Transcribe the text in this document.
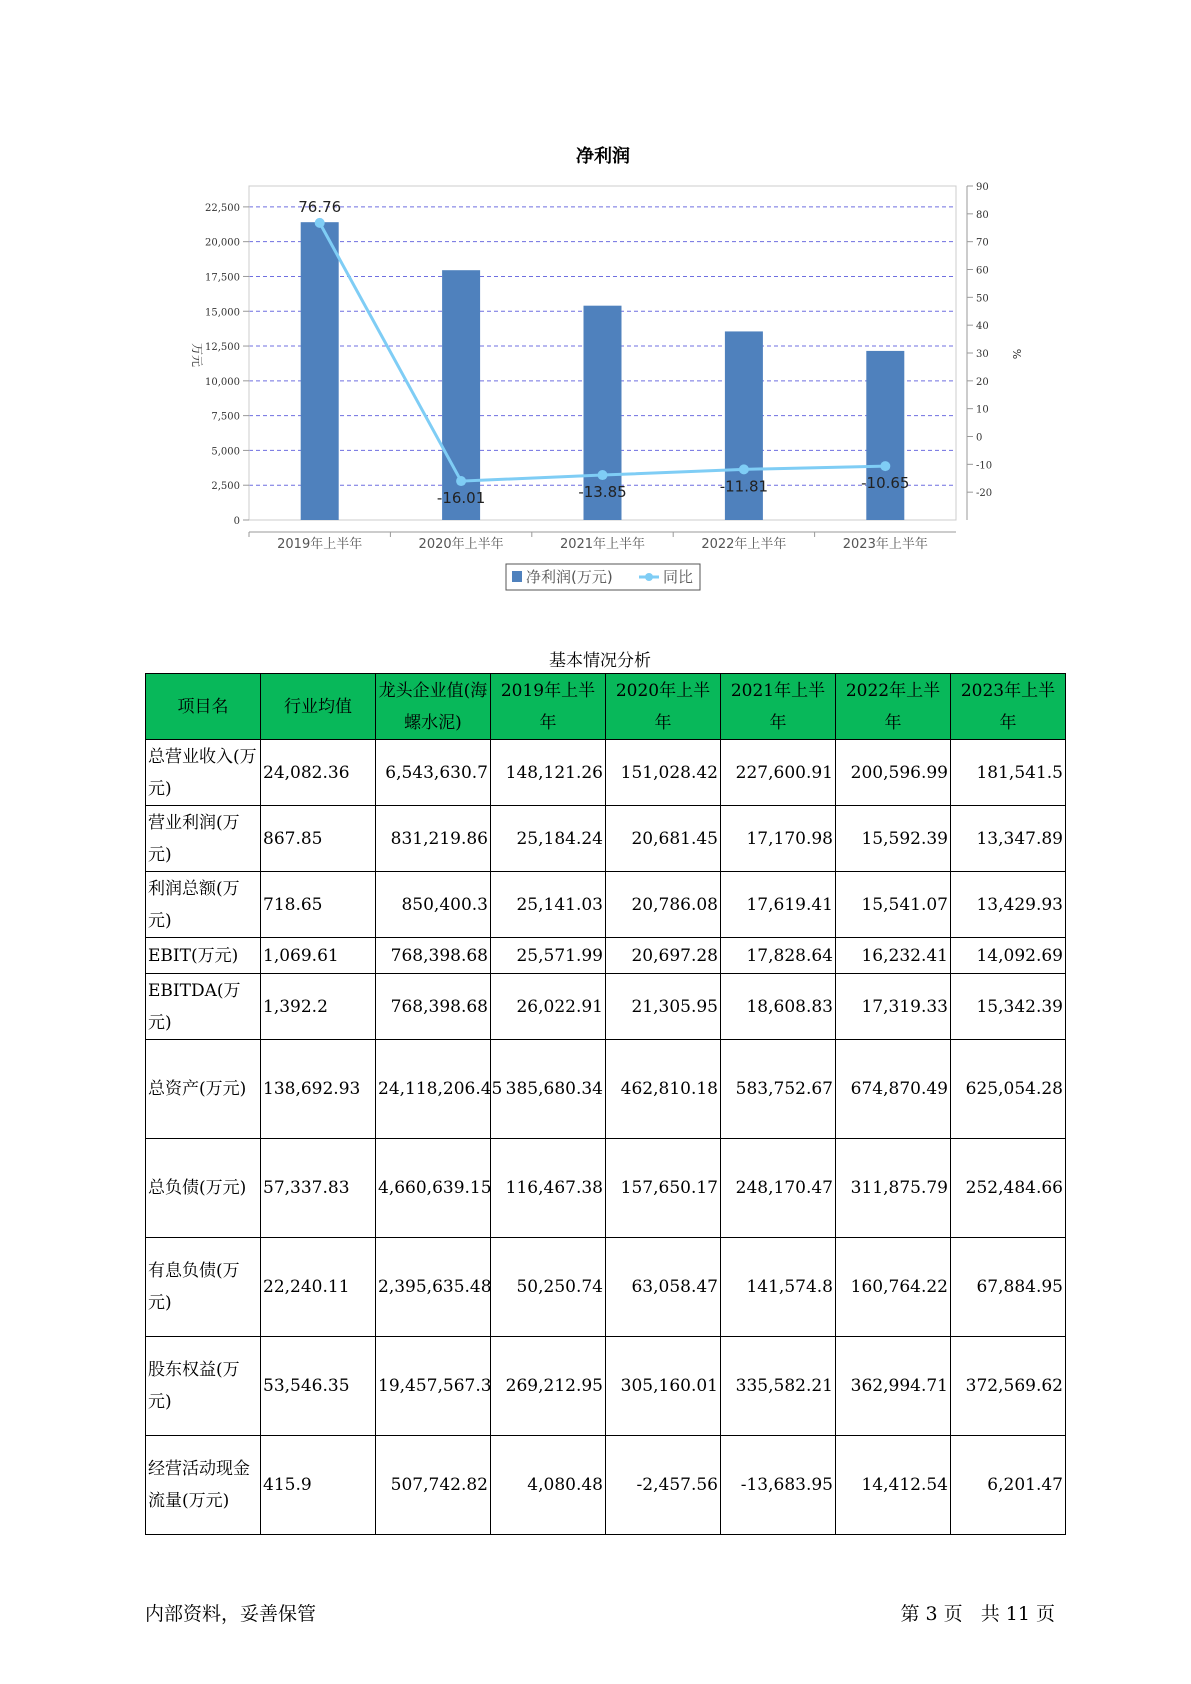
净利润
0
2,500
5,000
7,500
10,000
12,500
15,000
17,500
20,000
22,500
-20
-10
0
10
20
30
40
50
60
70
80
90
万元	%
2019年上半年	2020年上半年	2021年上半年	2022年上半年	2023年上半年
76.76
-16.01	-13.85	-11.81	-10.65
净利润(万元)	同比
基本情况分析
项目名	行业均值	龙头企业值(海螺水泥)	2019年上半年	2020年上半年	2021年上半年	2022年上半年	2023年上半年
总营业收入(万元)	24,082.36	6,543,630.7	148,121.26	151,028.42	227,600.91	200,596.99	181,541.5
营业利润(万元)	867.85	831,219.86	25,184.24	20,681.45	17,170.98	15,592.39	13,347.89
利润总额(万元)	718.65	850,400.3	25,141.03	20,786.08	17,619.41	15,541.07	13,429.93
EBIT(万元)	1,069.61	768,398.68	25,571.99	20,697.28	17,828.64	16,232.41	14,092.69
EBITDA(万元)	1,392.2	768,398.68	26,022.91	21,305.95	18,608.83	17,319.33	15,342.39
总资产(万元)	138,692.93	24,118,206.45	385,680.34	462,810.18	583,752.67	674,870.49	625,054.28
总负债(万元)	57,337.83	4,660,639.15	116,467.38	157,650.17	248,170.47	311,875.79	252,484.66
有息负债(万元)	22,240.11	2,395,635.48	50,250.74	63,058.47	141,574.8	160,764.22	67,884.95
股东权益(万元)	53,546.35	19,457,567.3	269,212.95	305,160.01	335,582.21	362,994.71	372,569.62
经营活动现金流量(万元)	415.9	507,742.82	4,080.48	-2,457.56	-13,683.95	14,412.54	6,201.47
内部资料，妥善保管	第 3 页   共 11 页
